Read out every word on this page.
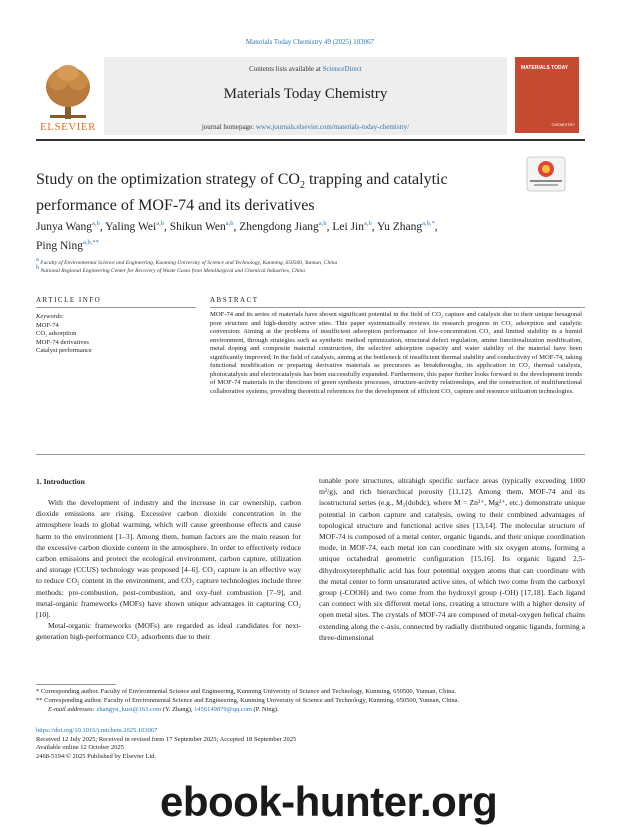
Materials Today Chemistry 49 (2025) 103067
ELSEVIER
Contents lists available at ScienceDirect
Materials Today Chemistry
journal homepage: www.journals.elsevier.com/materials-today-chemistry/
MATERIALS TODAY
CHEMISTRY
Study on the optimization strategy of $CO_2$ trapping and catalytic
performance of MOF-74 and its derivatives
Junya Wang$^{a,b}$, Yaling Wei$^{a,b}$, Shikun Wen$^{a,b}$, Zhengdong Jiang$^{a,b}$, Lei Jin$^{a,b}$, Yu Zhang$^{a,b,*}$,
Ping Ning$^{a,b,**}$
a Faculty of Environmental Science and Engineering, Kunming University of Science and Technology, Kunming, 650500, Yunnan, China
b National Regional Engineering Center for Recovery of Waste Gases from Metallurgical and Chemical Industries, China
ARTICLE INFO	ABSTRACT
Keywords:
MOF-74
CO₂ adsorption
MOF-74 derivatives
Catalyst performance
MOF-74 and its series of materials have shown significant potential in the field of CO₂ capture and catalysis due to their unique hexagonal pore structure and high-density active sites. This paper systematically reviews its research progress in CO₂ adsorption and catalytic conversion: Aiming at the problems of insufficient adsorption performance of low-concentration CO₂ and limited stability in a humid environment, through strategies such as synthetic method optimization, structural defect regulation, amine functionalization modification, metal doping and composite material construction, the selective adsorption capacity and water stability of the material have been significantly improved; In the field of catalysis, aiming at the bottleneck of insufficient thermal stability and conductivity of MOF-74, taking functional modification or preparing derivative materials as precursors as breakthroughs, its application in CO₂ thermal catalysis, photocatalysis and electrocatalysis has been successfully expanded. Furthermore, this paper further looks forward to the development trends of MOF-74 materials in the directions of green synthesis processes, structure-activity relationships, and the construction of multifunctional collaborative systems, providing theoretical references for the development of efficient CO₂ capture and resource utilization technologies.
1. Introduction

With the development of industry and the increase in car ownership, carbon dioxide emissions are rising. Excessive carbon dioxide concentration in the atmosphere leads to global warming, which will cause greenhouse effects and cause harm to the environment [1–3]. Among them, human factors are the main reason for the excessive carbon dioxide content in the atmosphere. In order to effectively reduce carbon emissions and protect the ecological environment, carbon capture, utilization and storage (CCUS) technology was proposed [4–6]. CO₂ capture is an effective way to reduce CO₂ content in the environment, and CO₂ capture technologies include three methods: pre-combustion, post-combustion, and oxy-fuel combustion [7–9], and metal-organic frameworks (MOFs) have shown unique advantages in capturing CO₂ [10].

Metal-organic frameworks (MOFs) are regarded as ideal candidates for next-generation high-performance CO₂ adsorbents due to their

tunable pore structures, ultrahigh specific surface areas (typically exceeding 1000 m²/g), and rich hierarchical porosity [11,12]. Among them, MOF-74 and its isostructural series (e.g., M₂(dobdc), where M = Zn²⁺, Mg²⁺, etc.) demonstrate unique potential in carbon capture and catalysis, owing to their combined advantages of topological structure and functional active sites [13,14]. The molecular structure of MOF-74 is composed of a metal center, organic ligands, and their unique coordination mode, in MOF-74, each metal ion can coordinate with six oxygen atoms, forming a unique octahedral geometric configuration [15,16]. Its organic ligand 2,5-dihydroxyterephthalic acid has four potential oxygen atoms that can coordinate with the metal center to form unsaturated active sites, of which two come from the carboxyl group (-COOH) and two come from the hydroxyl group (-OH) [17,18]. Each ligand can connect with six different metal ions, creating a structure with a higher density of open metal sites. The crystals of MOF-74 are composed of metal-oxygen helical chains extending along the c-axis, connected by radially distributed organic ligands, forming a three-dimensional

* Corresponding author. Faculty of Environmental Science and Engineering, Kunming University of Science and Technology, Kunming, 650500, Yunnan, China.
** Corresponding author. Faculty of Environmental Science and Engineering, Kunming University of Science and Technology, Kunming, 650500, Yunnan, China.
E-mail addresses: zhangyu_kust@163.com (Y. Zhang), 1456149879@qq.com (P. Ning).
https://doi.org/10.1016/j.mtchem.2025.103067
Received 12 July 2025; Received in revised form 17 September 2025; Accepted 18 September 2025
Available online 12 October 2025
2468-5194/© 2025 Published by Elsevier Ltd.
ebook-hunter.org
